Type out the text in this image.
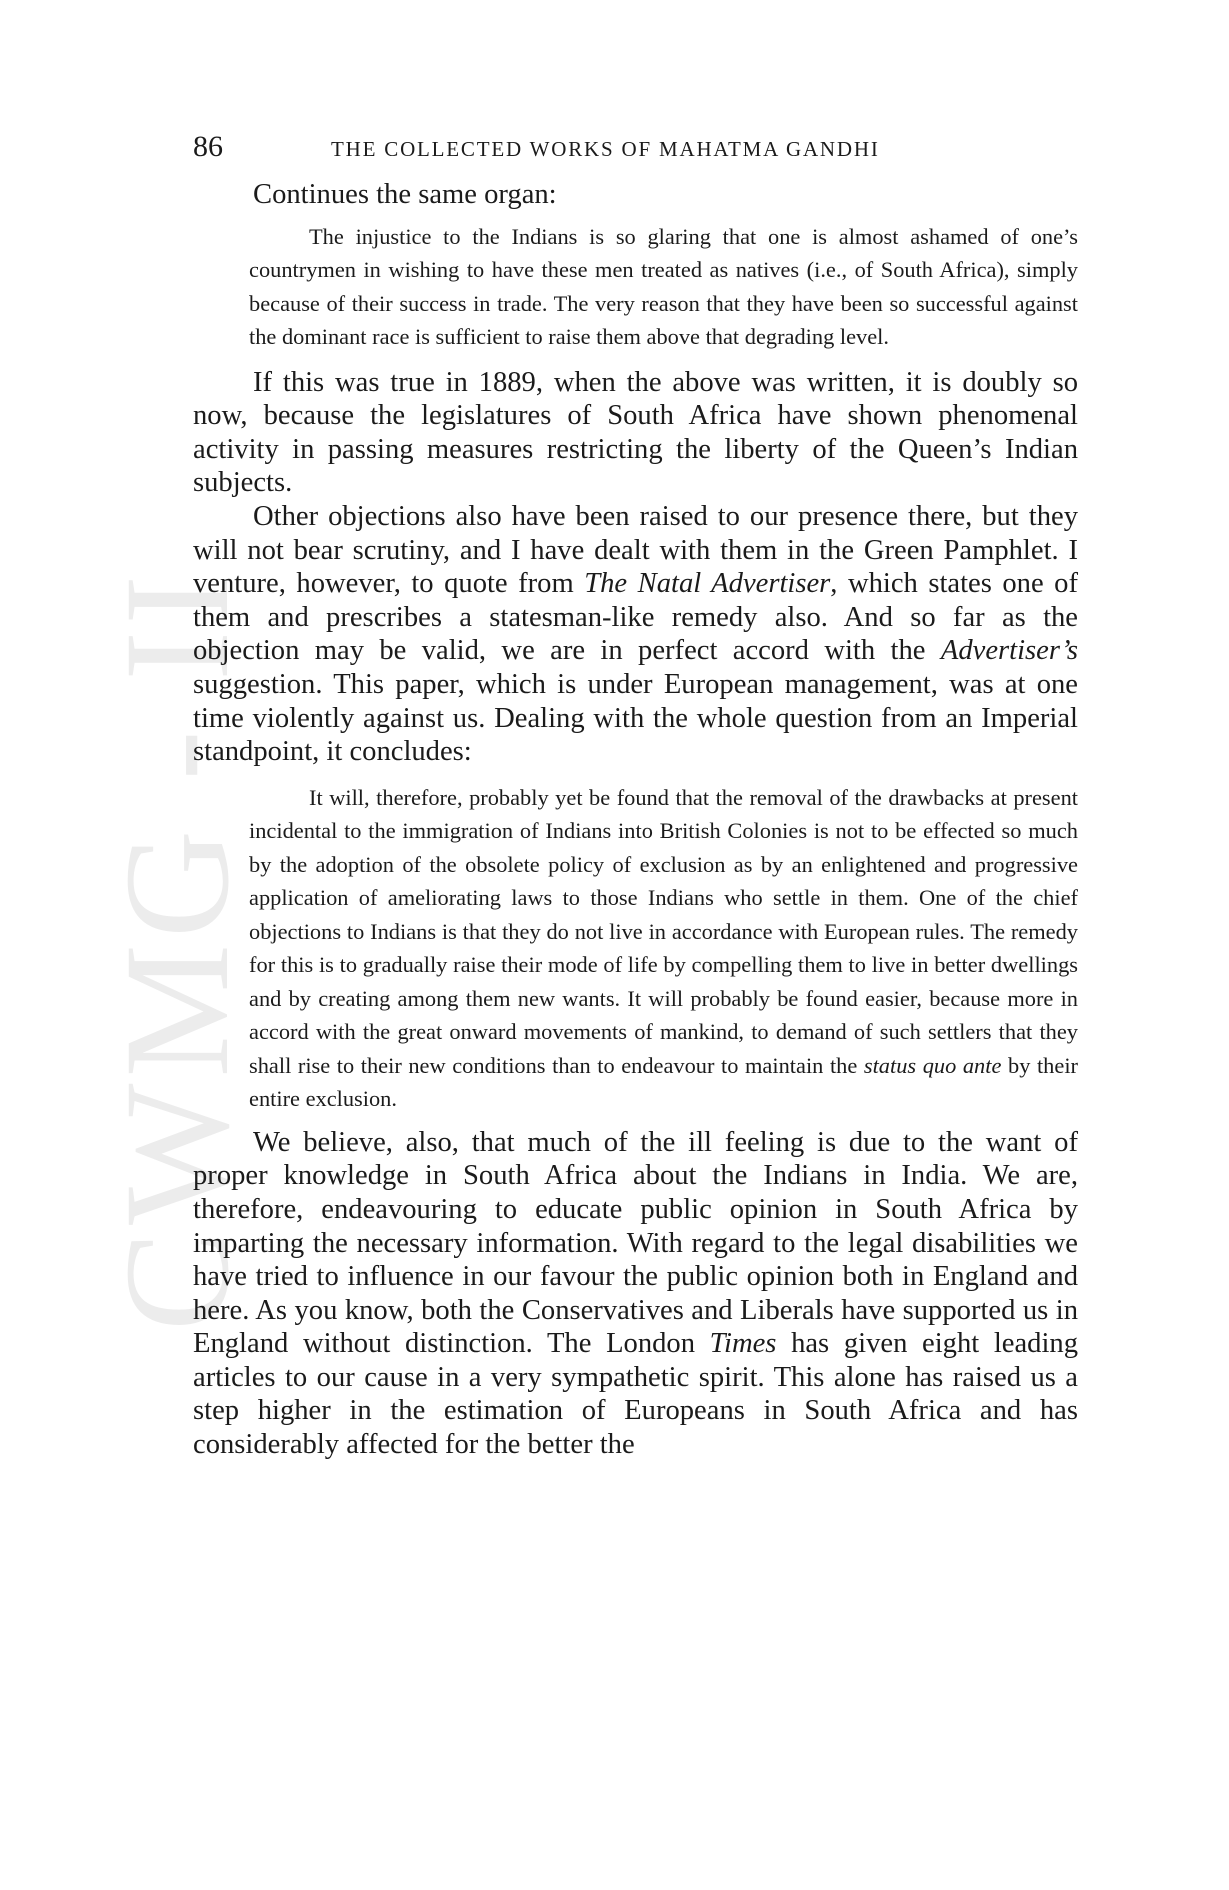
CWMG - II
86	THE COLLECTED WORKS OF MAHATMA GANDHI

Continues the same organ:

The injustice to the Indians is so glaring that one is almost ashamed of one’s countrymen in wishing to have these men treated as natives (i.e., of South Africa), simply because of their success in trade. The very reason that they have been so successful against the dominant race is sufficient to raise them above that degrading level.

If this was true in 1889, when the above was written, it is doubly so now, because the legislatures of South Africa have shown phenomenal activity in passing measures restricting the liberty of the Queen’s Indian subjects.

Other objections also have been raised to our presence there, but they will not bear scrutiny, and I have dealt with them in the Green Pamphlet. I venture, however, to quote from The Natal Advertiser, which states one of them and prescribes a statesman-like remedy also. And so far as the objection may be valid, we are in perfect accord with the Advertiser’s suggestion. This paper, which is under European management, was at one time violently against us. Dealing with the whole question from an Imperial standpoint, it concludes:

It will, therefore, probably yet be found that the removal of the drawbacks at present incidental to the immigration of Indians into British Colonies is not to be effected so much by the adoption of the obsolete policy of exclusion as by an enlightened and progressive application of ameliorating laws to those Indians who settle in them. One of the chief objections to Indians is that they do not live in accordance with European rules. The remedy for this is to gradually raise their mode of life by compelling them to live in better dwellings and by creating among them new wants. It will probably be found easier, because more in accord with the great onward movements of mankind, to demand of such settlers that they shall rise to their new conditions than to endeavour to maintain the status quo ante by their entire exclusion.

We believe, also, that much of the ill feeling is due to the want of proper knowledge in South Africa about the Indians in India. We are, therefore, endeavouring to educate public opinion in South Africa by imparting the necessary information. With regard to the legal disabilities we have tried to influence in our favour the public opinion both in England and here. As you know, both the Conservatives and Liberals have supported us in England without distinction. The London Times has given eight leading articles to our cause in a very sympathetic spirit. This alone has raised us a step higher in the estimation of Europeans in South Africa and has considerably affected for the better the
